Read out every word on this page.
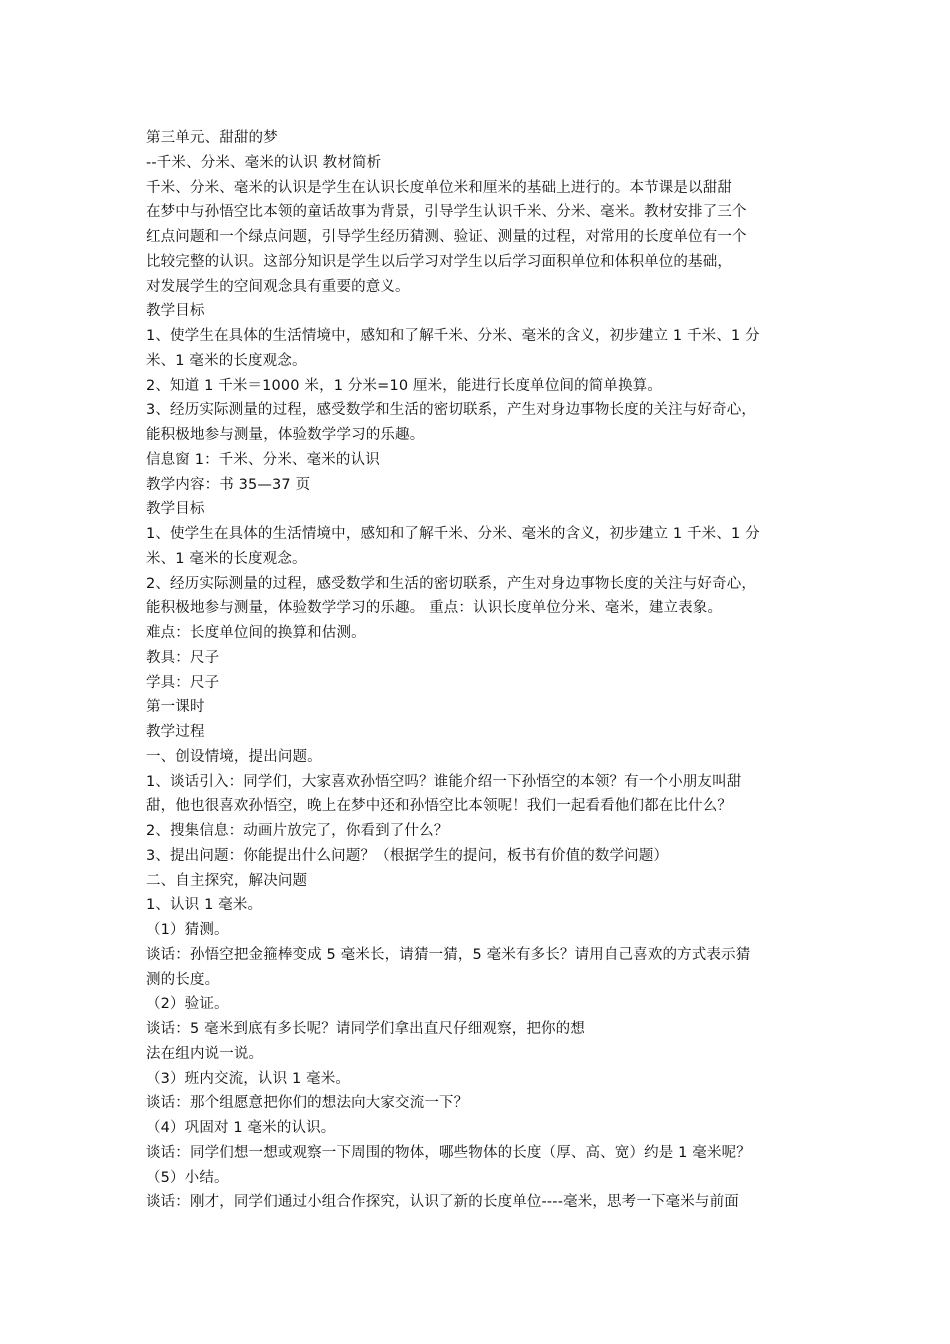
第三单元、甜甜的梦
--千米、分米、毫米的认识 教材简析
千米、分米、毫米的认识是学生在认识长度单位米和厘米的基础上进行的。本节课是以甜甜
在梦中与孙悟空比本领的童话故事为背景，引导学生认识千米、分米、毫米。教材安排了三个
红点问题和一个绿点问题，引导学生经历猜测、验证、测量的过程，对常用的长度单位有一个
比较完整的认识。这部分知识是学生以后学习对学生以后学习面积单位和体积单位的基础，
对发展学生的空间观念具有重要的意义。
教学目标
1、使学生在具体的生活情境中，感知和了解千米、分米、毫米的含义，初步建立 1 千米、1 分
米、1 毫米的长度观念。
2、知道 1 千米＝1000 米，1 分米=10 厘米，能进行长度单位间的简单换算。
3、经历实际测量的过程，感受数学和生活的密切联系，产生对身边事物长度的关注与好奇心，
能积极地参与测量，体验数学学习的乐趣。
信息窗 1：千米、分米、毫米的认识
教学内容：书 35—37 页
教学目标
1、使学生在具体的生活情境中，感知和了解千米、分米、毫米的含义，初步建立 1 千米、1 分
米、1 毫米的长度观念。
2、经历实际测量的过程，感受数学和生活的密切联系，产生对身边事物长度的关注与好奇心，
能积极地参与测量，体验数学学习的乐趣。 重点：认识长度单位分米、毫米，建立表象。
难点：长度单位间的换算和估测。
教具：尺子
学具：尺子
第一课时
教学过程
一、创设情境，提出问题。
1、谈话引入：同学们，大家喜欢孙悟空吗？谁能介绍一下孙悟空的本领？有一个小朋友叫甜
甜，他也很喜欢孙悟空，晚上在梦中还和孙悟空比本领呢！我们一起看看他们都在比什么？
2、搜集信息：动画片放完了，你看到了什么？
3、提出问题：你能提出什么问题？（根据学生的提问，板书有价值的数学问题）
二、自主探究，解决问题
1、认识 1 毫米。
（1）猜测。
谈话：孙悟空把金箍棒变成 5 毫米长，请猜一猜，5 毫米有多长？请用自己喜欢的方式表示猜
测的长度。
（2）验证。
谈话：5 毫米到底有多长呢？请同学们拿出直尺仔细观察，把你的想
法在组内说一说。
（3）班内交流，认识 1 毫米。
谈话：那个组愿意把你们的想法向大家交流一下？
（4）巩固对 1 毫米的认识。
谈话：同学们想一想或观察一下周围的物体，哪些物体的长度（厚、高、宽）约是 1 毫米呢？
（5）小结。
谈话：刚才，同学们通过小组合作探究，认识了新的长度单位----毫米，思考一下毫米与前面
